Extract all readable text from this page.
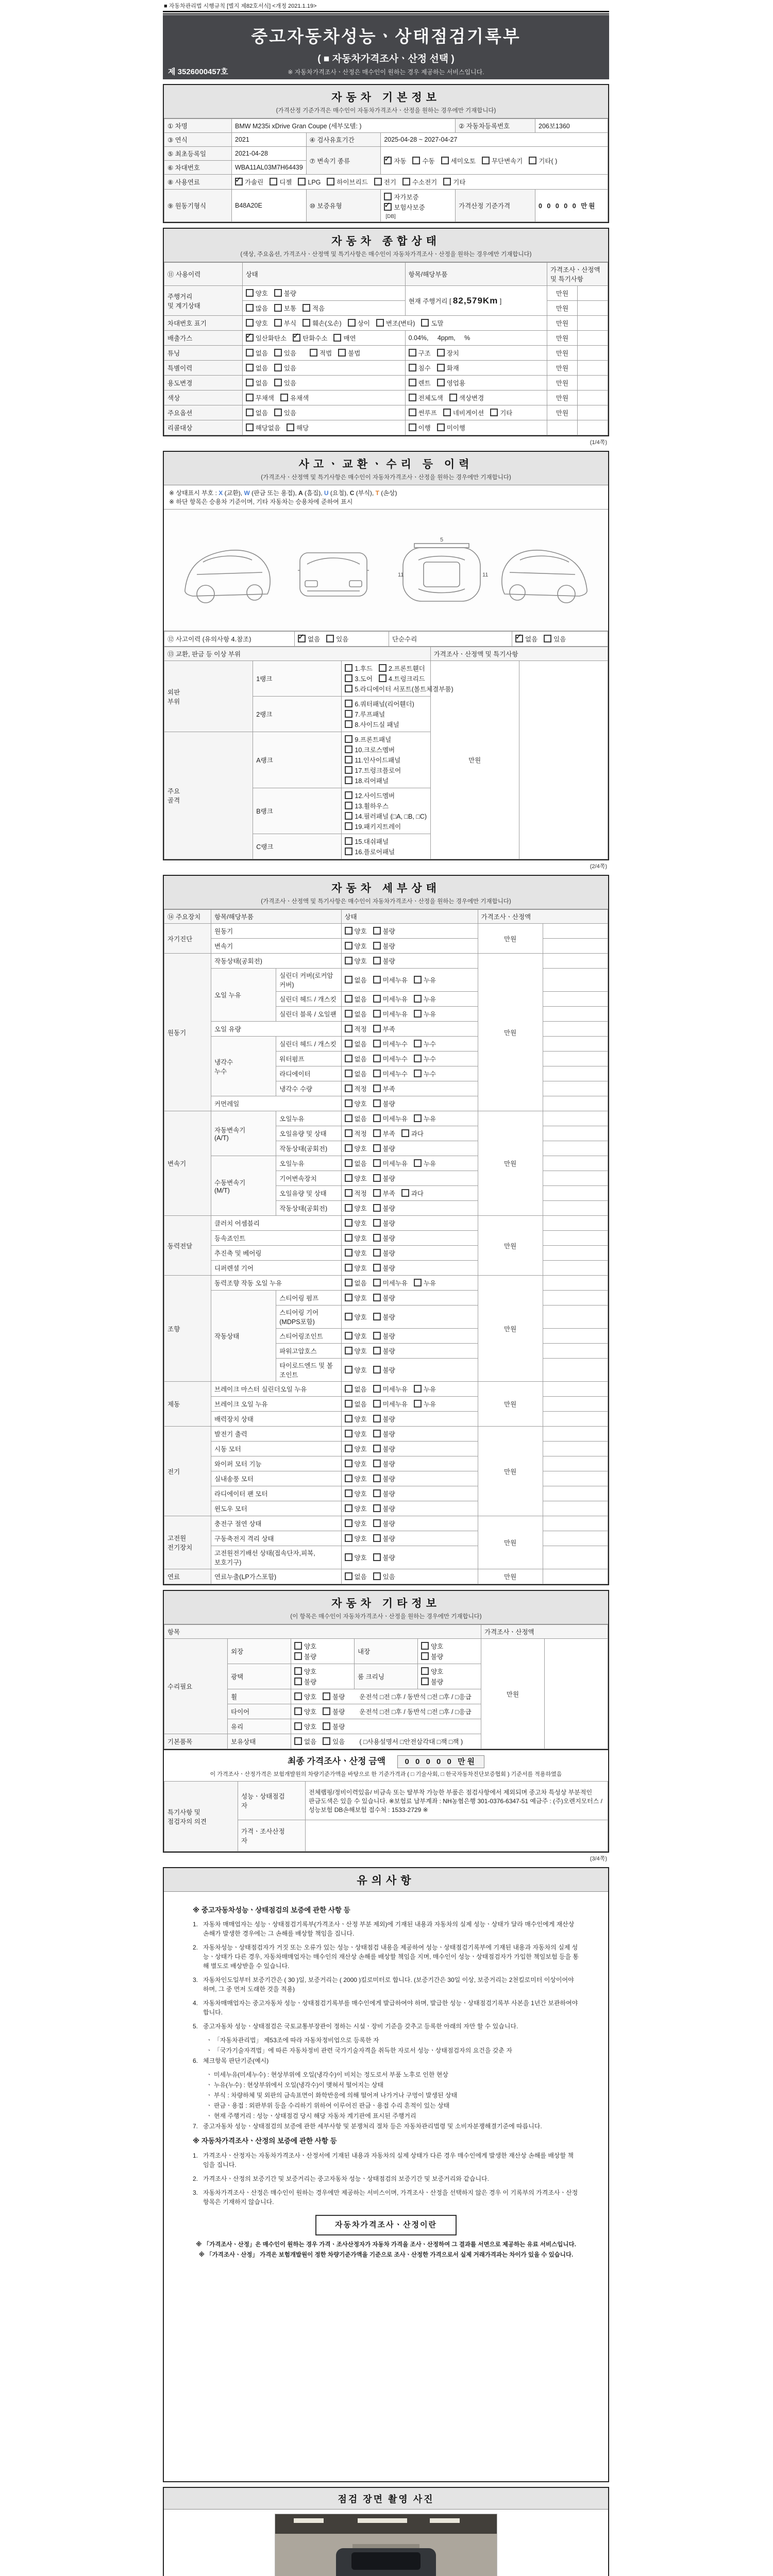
■ 자동차관리법 시행규칙 [별지 제82호서식] <개정 2021.1.19>
중고자동차성능ㆍ상태점검기록부
( ■ 자동차가격조사ㆍ산정 선택 )
※ 자동차가격조사ㆍ산정은 매수인이 원하는 경우 제공하는 서비스입니다.
제 3526000457호
자동차 기본정보
(가격산정 기준가격은 매수인이 자동차가격조사ㆍ산정을 원하는 경우에만 기재합니다)
① 차명	BMW M235i xDrive Gran Coupe (세부모델: )			② 자동차등록번호	206보1360
③ 연식	2021	④ 검사유효기간	2025-04-28 ~ 2027-04-27		
⑤ 최초등록일	2021-04-28	⑦ 변속기 종류	✓자동 수동 세미오토 무단변속기 기타( )
⑥ 차대번호	WBA11AL03M7H64439				
⑧ 사용연료	✓가솔린 디젤 LPG 하이브리드 전기 수소전기 기타
⑨ 원동기형식	B48A20E	⑩ 보증유형	자가보증✓보험사보증[DB]	가격산정 기준가격	0 0 0 0 0 만원
자동차 종합상태
(색상, 주요옵션, 가격조사ㆍ산정액 및 특기사항은 매수인이 자동차가격조사ㆍ산정을 원하는 경우에만 기재합니다)
⑪ 사용이력	상태	항목/해당부품	가격조사ㆍ산정액 및 특기사항	
주행거리
및 계기상태	양호 불량	현재 주행거리 [ 82,579Km ]	만원	
	많음 보통 적음		만원	
차대번호 표기	양호 부식 훼손(오손) 상이 변조(변타) 도말		만원	
배출가스	✓일산화탄소 ✓ 탄화수소 매연	0.04%,     4ppm,     %	만원	
튜닝	없음 있음 적법 불법	구조 장치	만원	
특별이력	없음 있음	침수 화재	만원	
용도변경	없음 있음	렌트 영업용	만원	
색상	무채색 유채색	전체도색 색상변경	만원	
주요옵션	없음 있음	썬루프 네비게이션 기타	만원	
리콜대상	해당없음 해당	이행 미이행		
(1/4쪽)
사고ㆍ교환ㆍ수리 등 이력
(가격조사ㆍ산정액 및 특기사항은 매수인이 자동차가격조사ㆍ산정을 원하는 경우에만 기재합니다)
※ 상태표시 부호 : X (교환), W (판금 또는 용접), A (흠집), U (요철), C (부식), T (손상)
※ 하단 항목은 승용차 기준이며, 기타 자동차는 승용차에 준하여 표시
11
5
11
⑫ 사고이력 (유의사항 4.참조)	✓없음 있음	단순수리	✓없음 있음
⑬ 교환, 판금 등 이상 부위			가격조사ㆍ산정액 및 특기사항	
외판
부위	1랭크	1.후드 2.프론트휀더3.도어 4.트렁크리드5.라디에이터 서포트(볼트체결부품)	만원	
	2랭크	6.쿼터패널(리어휀더)7.루프패널8.사이드실 패널		
주요
골격	A랭크	9.프론트패널10.크로스멤버11.인사이드패널17.트렁크플로어18.리어패널		
	B랭크	12.사이드멤버13.휠하우스14.필러패널 (□A, □B, □C)19.패키지트레이		
	C랭크	15.대쉬패널16.플로어패널		
(2/4쪽)
자동차 세부상태
(가격조사ㆍ산정액 및 특기사항은 매수인이 자동차가격조사ㆍ산정을 원하는 경우에만 기재합니다)
⑭ 주요장치	항목/해당부품		상태	가격조사ㆍ산정액	
자기진단	원동기		양호 불량	만원	
	변속기		양호 불량		
원동기	작동상태(공회전)		양호 불량	만원	
	오일 누유	실린더 커버(로커암 커버)	없음 미세누유 누유		
		실린더 헤드 / 개스킷	없음 미세누유 누유		
		실린더 블록 / 오일팬	없음 미세누유 누유		
	오일 유량		적정 부족		
	냉각수
누수	실린더 헤드 / 개스킷	없음 미세누수 누수		
		워터펌프	없음 미세누수 누수		
		라디에이터	없음 미세누수 누수		
		냉각수 수량	적정 부족		
	커먼레일		양호 불량		
변속기	자동변속기
(A/T)	오일누유	없음 미세누유 누유	만원	
		오일유량 및 상태	적정 부족 과다		
		작동상태(공회전)	양호 불량		
	수동변속기
(M/T)	오일누유	없음 미세누유 누유		
		기어변속장치	양호 불량		
		오일유량 및 상태	적정 부족 과다		
		작동상태(공회전)	양호 불량		
동력전달	클러치 어셈블리		양호 불량	만원	
	등속죠인트		양호 불량		
	추진축 및 베어링		양호 불량		
	디퍼렌셜 기어		양호 불량		
조향	동력조향 작동 오일 누유		없음 미세누유 누유	만원	
	작동상태	스티어링 펌프	양호 불량		
		스티어링 기어(MDPS포함)	양호 불량		
		스티어링조인트	양호 불량		
		파워고압호스	양호 불량		
		타이로드엔드 및 볼 조인트	양호 불량		
제동	브레이크 마스터 실린더오일 누유		없음 미세누유 누유	만원	
	브레이크 오일 누유		없음 미세누유 누유		
	배력장치 상태		양호 불량		
전기	발전기 출력		양호 불량	만원	
	시동 모터		양호 불량		
	와이퍼 모터 기능		양호 불량		
	실내송풍 모터		양호 불량		
	라디에이터 팬 모터		양호 불량		
	윈도우 모터		양호 불량		
고전원
전기장치	충전구 절연 상태		양호 불량	만원	
	구동축전지 격리 상태		양호 불량		
	고전원전기배선 상태(접속단자,피복,보호기구)		양호 불량		
연료	연료누출(LP가스포함)		없음 있음	만원	
자동차 기타정보
(이 항목은 매수인이 자동차가격조사ㆍ산정을 원하는 경우에만 기재합니다)
항목					가격조사ㆍ산정액	
수리필요	외장	양호불량	내장	양호불량	만원	
	광택	양호불량	룸 크리닝	양호불량		
	휠	양호 불량 운전석 □전 □후 / 동반석 □전 □후 / □응급				
	타이어	양호 불량 운전석 □전 □후 / 동반석 □전 □후 / □응급				
	유리	양호 불량				
기본품목	보유상태	없음 있음 ( □사용설명서 □안전삼각대 □잭 □잭 )				
최종 가격조사ㆍ산정 금액 0 0 0 0 0 만원
이 가격조사ㆍ산정가격은 보험개발원의 차량기준가액을 바탕으로 한 기준가격과 ( □ 기술사회, □ 한국자동차진단보증협회 ) 기준서를 적용하였음
특기사항 및
점검자의 의견	성능ㆍ상태점검
자	전체랩핑/정비이력있음/ 비금속 또는 탈부착 가능한 부품은 점검사항에서 제외되며 중고차 특성상 부분적인 판금도색은 있을 수 있습니다. ※보험료 납부계좌 : NH농협은행 301-0376-6347-51 예금주 : (주)오렌지모터스 / 성능보험 DB손해보험 접수처 : 1533-2729 ※
	가격ㆍ조사산정
자	
(3/4쪽)
유의사항
※ 중고자동차성능ㆍ상태점검의 보증에 관한 사항 등
1. 자동차 매매업자는 성능ㆍ상태점검기록부(가격조사ㆍ산정 부분 제외)에 기재된 내용과 자동차의 실제 성능ㆍ상태가 달라 매수인에게 재산상 손해가 발생한 경우에는 그 손해를 배상할 책임을 집니다.
2. 자동차성능ㆍ상태점검자가 거짓 또는 오류가 있는 성능ㆍ상태점검 내용을 제공하여 성능ㆍ상태점검기록부에 기재된 내용과 자동차의 실제 성능ㆍ상태가 다른 경우, 자동차매매업자는 매수인의 재산상 손해를 배상할 책임을 지며, 매수인이 성능ㆍ상태점검자가 가입한 책임보험 등을 통해 별도로 배상받을 수 있습니다.
3. 자동차인도일부터 보증기간은 ( 30 )일, 보증거리는 ( 2000 )킬로미터로 합니다. (보증기간은 30일 이상, 보증거리는 2천킬로미터 이상이어야 하며, 그 중 먼저 도래한 것을 적용)
4. 자동차매매업자는 중고자동차 성능ㆍ상태점검기록부를 매수인에게 발급하여야 하며, 발급한 성능ㆍ상태점검기록부 사본을 1년간 보관하여야 합니다.
5. 중고자동차 성능ㆍ상태점검은 국토교통부장관이 정하는 시설ㆍ장비 기준을 갖추고 등록한 아래의 자만 할 수 있습니다.
ㆍ 「자동차관리법」 제53조에 따라 자동차정비업으로 등록한 자
ㆍ 「국가기술자격법」에 따른 자동차정비 관련 국가기술자격을 취득한 자로서 성능ㆍ상태점검자의 요건을 갖춘 자
6. 체크항목 판단기준(예시)
ㆍ 미세누유(미세누수) : 현상부위에 오일(냉각수)이 비치는 정도로서 부품 노후로 인한 현상
ㆍ 누유(누수) : 현상부위에서 오일(냉각수)이 맺혀서 떨어지는 상태
ㆍ 부식 : 차량하체 및 외판의 금속표면이 화학반응에 의해 떨어져 나가거나 구멍이 발생된 상태
ㆍ 판금ㆍ용접 : 외판부위 등을 수리하기 위하여 이루어진 판금ㆍ용접 수리 흔적이 있는 상태
ㆍ 현재 주행거리 : 성능ㆍ상태점검 당시 해당 자동차 계기판에 표시된 주행거리
7. 중고자동차 성능ㆍ상태점검의 보증에 관한 세부사항 및 분쟁처리 절차 등은 자동차관리법령 및 소비자분쟁해결기준에 따릅니다.
※ 자동차가격조사ㆍ산정의 보증에 관한 사항 등
1. 가격조사ㆍ산정자는 자동차가격조사ㆍ산정서에 기재된 내용과 자동차의 실제 상태가 다른 경우 매수인에게 발생한 재산상 손해를 배상할 책임을 집니다.
2. 가격조사ㆍ산정의 보증기간 및 보증거리는 중고자동차 성능ㆍ상태점검의 보증기간 및 보증거리와 같습니다.
3. 자동차가격조사ㆍ산정은 매수인이 원하는 경우에만 제공하는 서비스이며, 가격조사ㆍ산정을 선택하지 않은 경우 이 기록부의 가격조사ㆍ산정 항목은 기재하지 않습니다.
자동차가격조사ㆍ산정이란
※ 「가격조사ㆍ산정」은 매수인이 원하는 경우 가격ㆍ조사산정자가 자동차 가격을 조사ㆍ산정하여 그 결과를 서면으로 제공하는 유료 서비스입니다.
※ 「가격조사ㆍ산정」 가격은 보험개발원이 정한 차량기준가액을 기준으로 조사ㆍ산정한 가격으로서 실제 거래가격과는 차이가 있을 수 있습니다.
점검 장면 촬영 사진
